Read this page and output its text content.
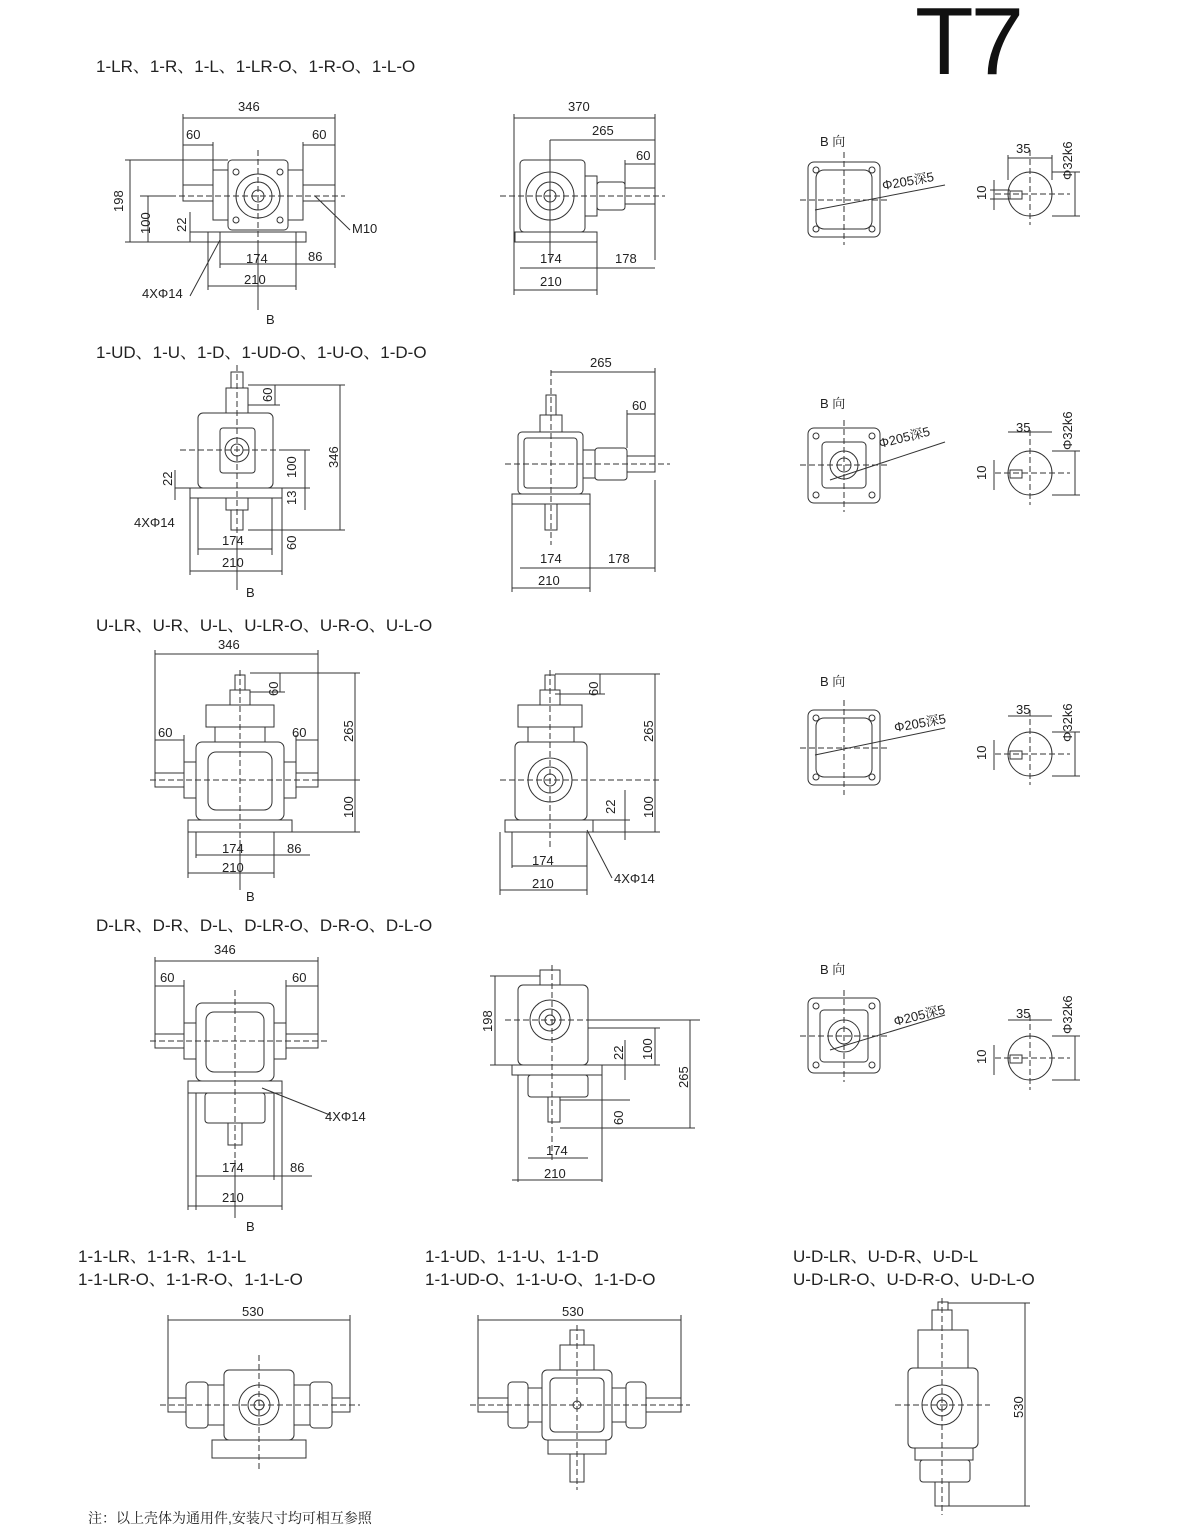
T7
1-LR、1-R、1-L、1-LR-O、1-R-O、1-L-O
1-UD、1-U、1-D、1-UD-O、1-U-O、1-D-O
U-LR、U-R、U-L、U-LR-O、U-R-O、U-L-O
D-LR、D-R、D-L、D-LR-O、D-R-O、D-L-O
1-1-LR、1-1-R、1-1-L
1-1-LR-O、1-1-R-O、1-1-L-O
1-1-UD、1-1-U、1-1-D
1-1-UD-O、1-1-U-O、1-1-D-O
U-D-LR、U-D-R、U-D-L
U-D-LR-O、U-D-R-O、U-D-L-O
注：以上壳体为通用件,安装尺寸均可相互参照
346
60	60
198
100 22	M10
174	86
210
4XΦ14
B
370
265
60
174	178
210
B 向
Φ205深5
35
10
Φ32k6
60
346
100
13
22
4XΦ14
60
174
210
B
265
60
174	178
210
B 向
Φ205深5	35
10
Φ32k6
346
60
60	60	265
100
174	86
210
B
60
265
100
22
174
210	4XΦ14
B 向
Φ205深5
35
10
Φ32k6
346
60	60
4XΦ14
174	86
210
B
198
22 100
265
60
174
210
B 向
Φ205深5	35
10
Φ32k6
530	530
530
